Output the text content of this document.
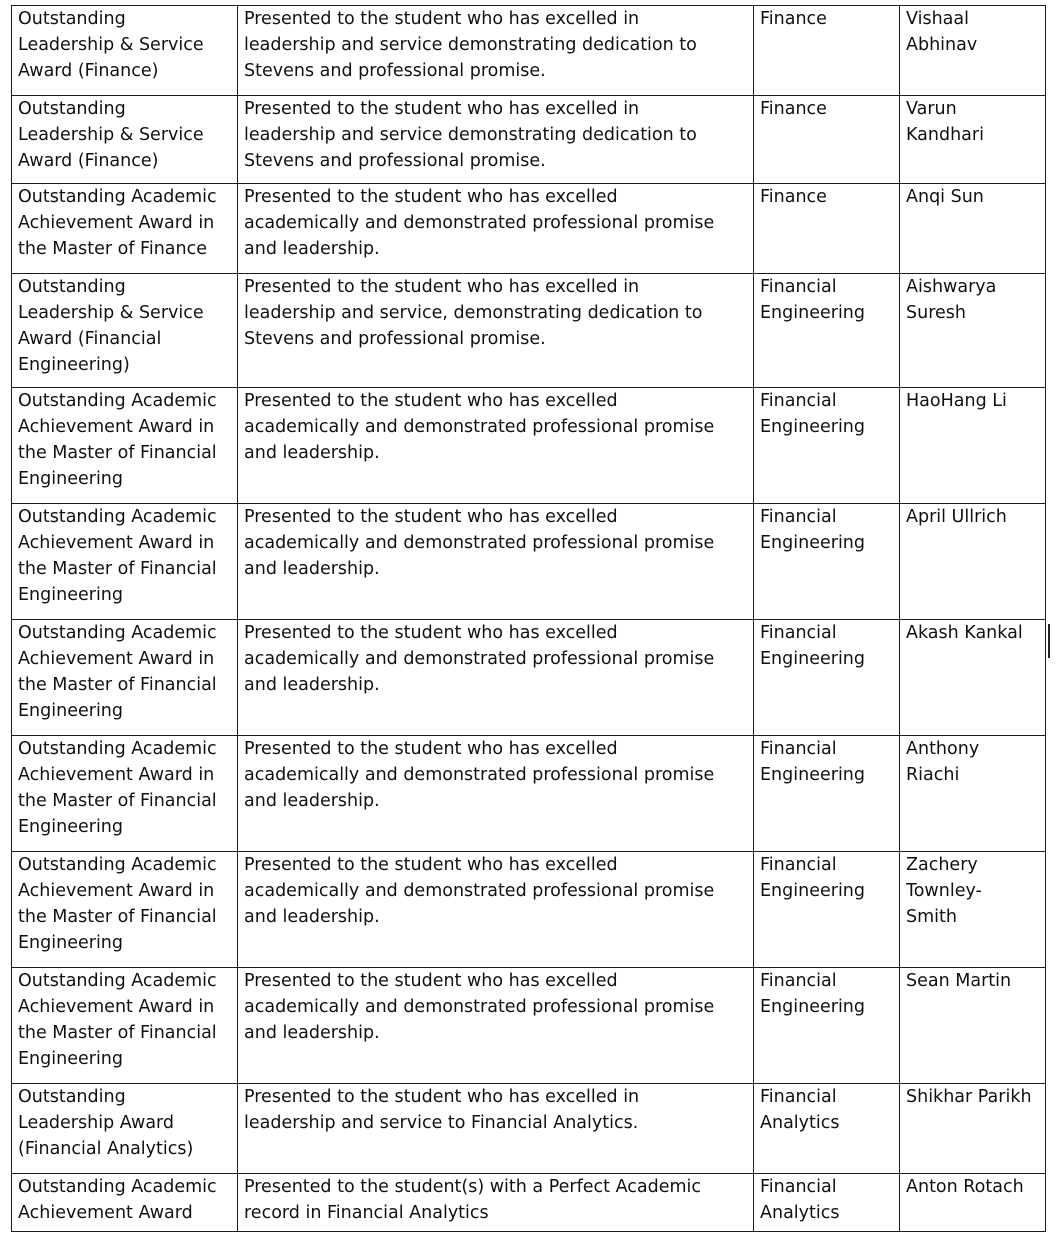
Outstanding
Leadership & Service
Award (Finance)	Presented to the student who has excelled in
leadership and service demonstrating dedication to
Stevens and professional promise.	Finance	Vishaal
Abhinav

Outstanding
Leadership & Service
Award (Finance)	Presented to the student who has excelled in
leadership and service demonstrating dedication to
Stevens and professional promise.	Finance	Varun
Kandhari

Outstanding Academic
Achievement Award in
the Master of Finance	Presented to the student who has excelled
academically and demonstrated professional promise
and leadership.	Finance	Anqi Sun

Outstanding
Leadership & Service
Award (Financial
Engineering)	Presented to the student who has excelled in
leadership and service, demonstrating dedication to
Stevens and professional promise.	Financial
Engineering	Aishwarya
Suresh

Outstanding Academic
Achievement Award in
the Master of Financial
Engineering	Presented to the student who has excelled
academically and demonstrated professional promise
and leadership.	Financial
Engineering	HaoHang Li

Outstanding Academic
Achievement Award in
the Master of Financial
Engineering	Presented to the student who has excelled
academically and demonstrated professional promise
and leadership.	Financial
Engineering	April Ullrich

Outstanding Academic
Achievement Award in
the Master of Financial
Engineering	Presented to the student who has excelled
academically and demonstrated professional promise
and leadership.	Financial
Engineering	Akash Kankal

Outstanding Academic
Achievement Award in
the Master of Financial
Engineering	Presented to the student who has excelled
academically and demonstrated professional promise
and leadership.	Financial
Engineering	Anthony
Riachi

Outstanding Academic
Achievement Award in
the Master of Financial
Engineering	Presented to the student who has excelled
academically and demonstrated professional promise
and leadership.	Financial
Engineering	Zachery
Townley-
Smith

Outstanding Academic
Achievement Award in
the Master of Financial
Engineering	Presented to the student who has excelled
academically and demonstrated professional promise
and leadership.	Financial
Engineering	Sean Martin

Outstanding
Leadership Award
(Financial Analytics)	Presented to the student who has excelled in
leadership and service to Financial Analytics.	Financial
Analytics	Shikhar Parikh

Outstanding Academic
Achievement Award	Presented to the student(s) with a Perfect Academic
record in Financial Analytics	Financial
Analytics	Anton Rotach
